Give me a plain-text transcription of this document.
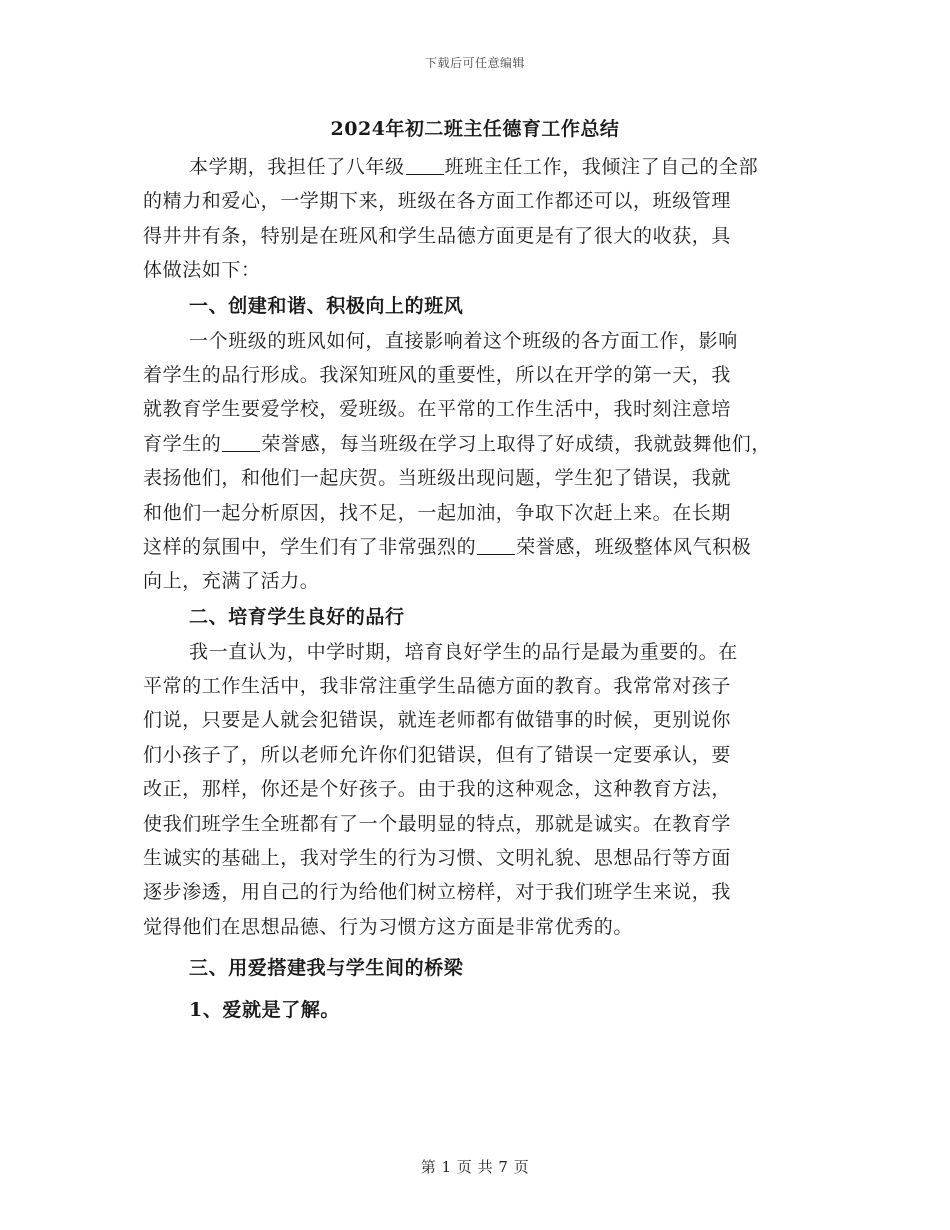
下载后可任意编辑
2024年初二班主任德育工作总结
本学期，我担任了八年级 班班主任工作，我倾注了自己的全部
的精力和爱心，一学期下来，班级在各方面工作都还可以，班级管理
得井井有条，特别是在班风和学生品德方面更是有了很大的收获，具
体做法如下：
一、创建和谐、积极向上的班风
一个班级的班风如何，直接影响着这个班级的各方面工作，影响
着学生的品行形成。我深知班风的重要性，所以在开学的第一天，我
就教育学生要爱学校，爱班级。在平常的工作生活中，我时刻注意培
育学生的 荣誉感，每当班级在学习上取得了好成绩，我就鼓舞他们，
表扬他们，和他们一起庆贺。当班级出现问题，学生犯了错误，我就
和他们一起分析原因，找不足，一起加油，争取下次赶上来。在长期
这样的氛围中，学生们有了非常强烈的 荣誉感，班级整体风气积极
向上，充满了活力。
二、培育学生良好的品行
我一直认为，中学时期，培育良好学生的品行是最为重要的。在
平常的工作生活中，我非常注重学生品德方面的教育。我常常对孩子
们说，只要是人就会犯错误，就连老师都有做错事的时候，更别说你
们小孩子了，所以老师允许你们犯错误，但有了错误一定要承认，要
改正，那样，你还是个好孩子。由于我的这种观念，这种教育方法，
使我们班学生全班都有了一个最明显的特点，那就是诚实。在教育学
生诚实的基础上，我对学生的行为习惯、文明礼貌、思想品行等方面
逐步渗透，用自己的行为给他们树立榜样，对于我们班学生来说，我
觉得他们在思想品德、行为习惯方这方面是非常优秀的。
三、用爱搭建我与学生间的桥梁
1、爱就是了解。
第 1 页 共 7 页
